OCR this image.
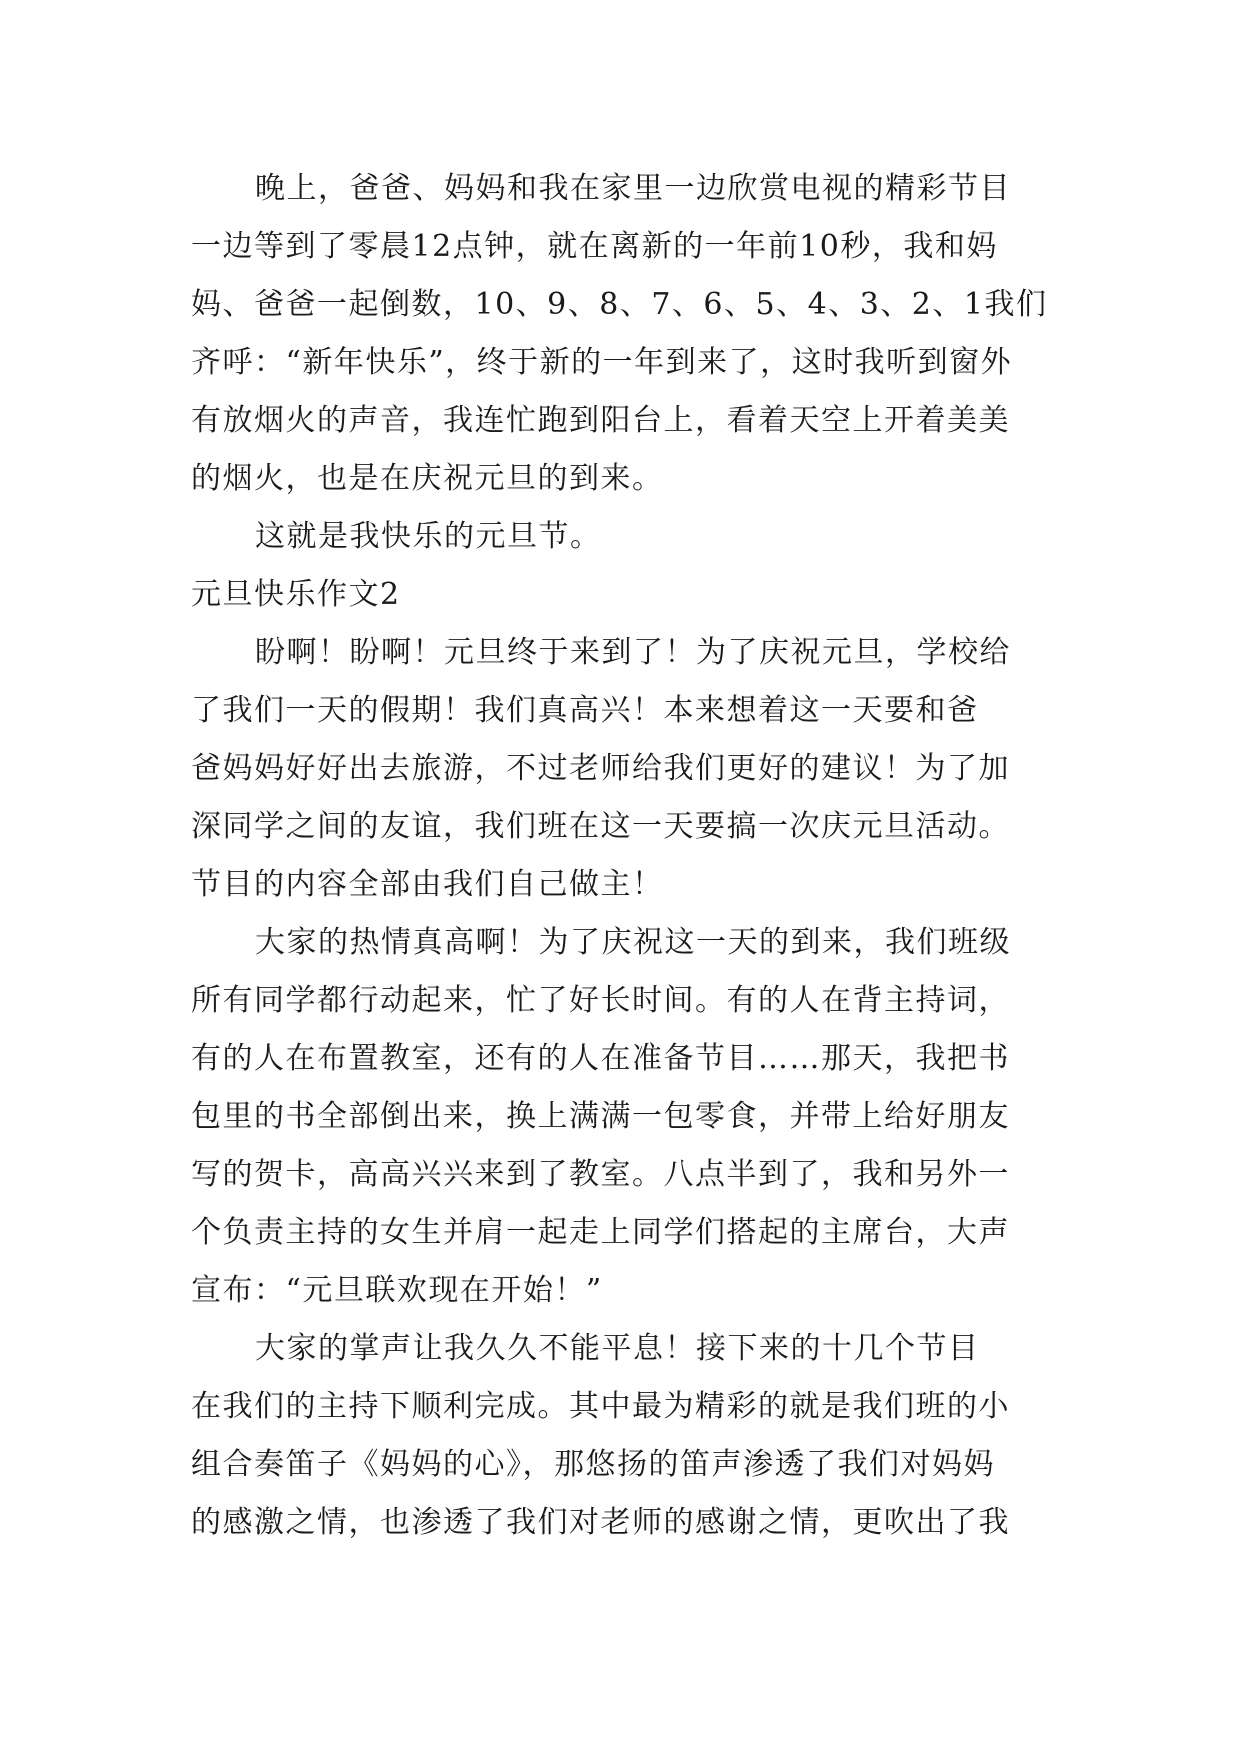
晚上，爸爸、妈妈和我在家里一边欣赏电视的精彩节目
一边等到了零晨12点钟，就在离新的一年前10秒，我和妈
妈、爸爸一起倒数，10、9、8、7、6、5、4、3、2、1我们
齐呼：“新年快乐”，终于新的一年到来了，这时我听到窗外
有放烟火的声音，我连忙跑到阳台上，看着天空上开着美美
的烟火，也是在庆祝元旦的到来。
这就是我快乐的元旦节。
元旦快乐作文2
盼啊！盼啊！元旦终于来到了！为了庆祝元旦，学校给
了我们一天的假期！我们真高兴！本来想着这一天要和爸
爸妈妈好好出去旅游，不过老师给我们更好的建议！为了加
深同学之间的友谊，我们班在这一天要搞一次庆元旦活动。
节目的内容全部由我们自己做主！
大家的热情真高啊！为了庆祝这一天的到来，我们班级
所有同学都行动起来，忙了好长时间。有的人在背主持词，
有的人在布置教室，还有的人在准备节目……那天，我把书
包里的书全部倒出来，换上满满一包零食，并带上给好朋友
写的贺卡，高高兴兴来到了教室。八点半到了，我和另外一
个负责主持的女生并肩一起走上同学们搭起的主席台，大声
宣布：“元旦联欢现在开始！”
大家的掌声让我久久不能平息！接下来的十几个节目
在我们的主持下顺利完成。其中最为精彩的就是我们班的小
组合奏笛子《妈妈的心》，那悠扬的笛声渗透了我们对妈妈
的感激之情，也渗透了我们对老师的感谢之情，更吹出了我
